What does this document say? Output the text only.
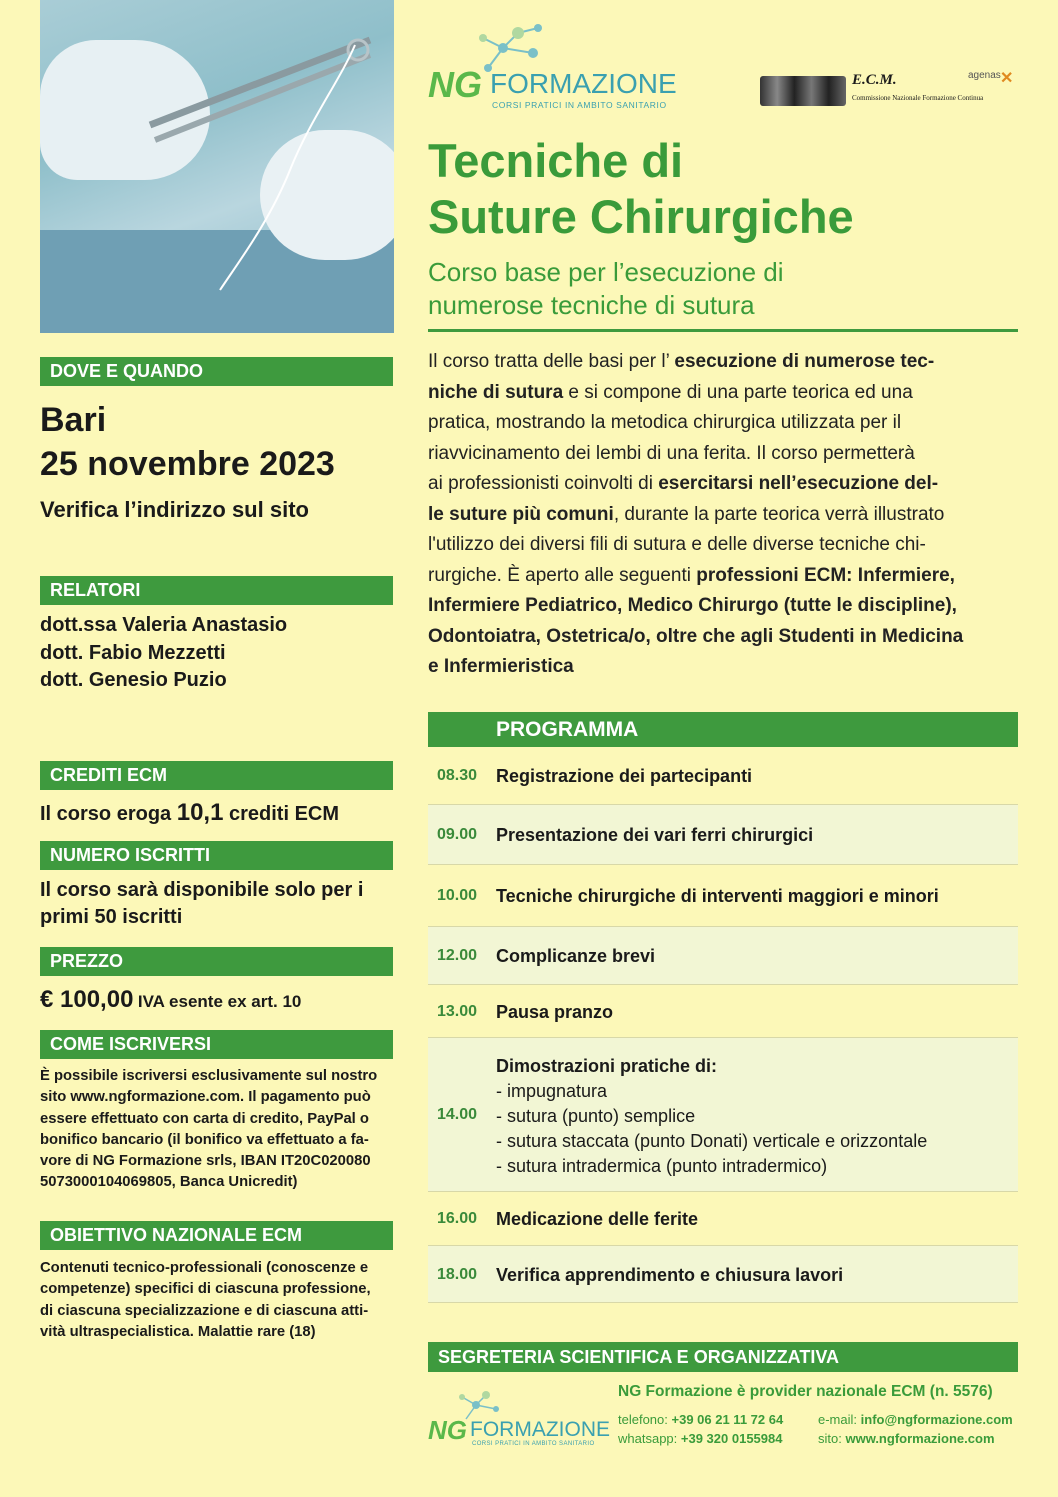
NG FORMAZIONE
CORSI PRATICI IN AMBITO SANITARIO
E.C.M.
Commissione Nazionale Formazione Continua
agenas ✕
Tecniche di
Suture Chirurgiche
Corso base per l’esecuzione di
numerose tecniche di sutura
Il corso tratta delle basi per l’ esecuzione di numerose tec-
niche di sutura e si compone di una parte teorica ed una
pratica, mostrando la metodica chirurgica utilizzata per il
riavvicinamento dei lembi di una ferita. Il corso permetterà
ai professionisti coinvolti di esercitarsi nell’esecuzione del-
le suture più comuni, durante la parte teorica verrà illustrato
l'utilizzo dei diversi fili di sutura e delle diverse tecniche chi-
rurgiche. È aperto alle seguenti professioni ECM: Infermiere,
Infermiere Pediatrico, Medico Chirurgo (tutte le discipline),
Odontoiatra, Ostetrica/o, oltre che agli Studenti in Medicina
e Infermieristica
DOVE E QUANDO
Bari
25 novembre 2023
Verifica l’indirizzo sul sito
RELATORI
dott.ssa Valeria Anastasio
dott. Fabio Mezzetti
dott. Genesio Puzio
CREDITI ECM
Il corso eroga 10,1 crediti ECM
NUMERO ISCRITTI
Il corso sarà disponibile solo per i
primi 50 iscritti
PREZZO
€ 100,00 IVA esente ex art. 10
COME ISCRIVERSI
È possibile iscriversi esclusivamente sul nostro
sito www.ngformazione.com. Il pagamento può
essere effettuato con carta di credito, PayPal o
bonifico bancario (il bonifico va effettuato a fa-
vore di NG Formazione srls, IBAN IT20C020080
5073000104069805, Banca Unicredit)
OBIETTIVO NAZIONALE ECM
Contenuti tecnico-professionali (conoscenze e
competenze) specifici di ciascuna professione,
di ciascuna specializzazione e di ciascuna atti-
vità ultraspecialistica. Malattie rare (18)
PROGRAMMA
08.30 Registrazione dei partecipanti
09.00 Presentazione dei vari ferri chirurgici
10.00 Tecniche chirurgiche di interventi maggiori e minori
12.00 Complicanze brevi
13.00 Pausa pranzo
14.00
Dimostrazioni pratiche di:
- impugnatura
- sutura (punto) semplice
- sutura staccata (punto Donati) verticale e orizzontale
- sutura intradermica (punto intradermico)
16.00 Medicazione delle ferite
18.00 Verifica apprendimento e chiusura lavori
SEGRETERIA SCIENTIFICA E ORGANIZZATIVA
NG FORMAZIONE
CORSI PRATICI IN AMBITO SANITARIO
NG Formazione è provider nazionale ECM (n. 5576)
telefono: +39 06 21 11 72 64
whatsapp: +39 320 0155984
e-mail: info@ngformazione.com
sito: www.ngformazione.com
